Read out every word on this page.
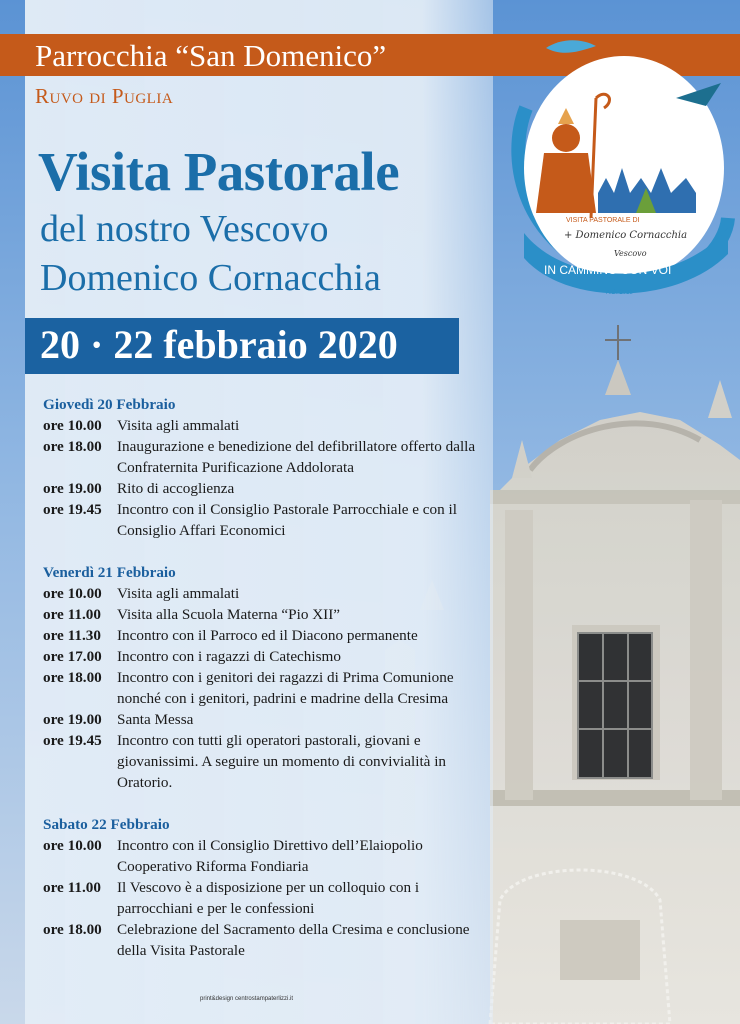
Parrocchia “San Domenico”
Ruvo di Puglia
Visita Pastorale
del nostro Vescovo
Domenico Cornacchia
20 · 22 febbraio 2020
VISITA PASTORALE DI
+ Domenico Cornacchia
Vescovo
IN CAMMINO CON VOI
A.D. 2018
Giovedì 20 Febbraio
ore 10.00	Visita agli ammalati
ore 18.00	Inaugurazione e benedizione del defibrillatore offerto dalla Confraternita Purificazione Addolorata
ore 19.00	Rito di accoglienza
ore 19.45	Incontro con il Consiglio Pastorale Parrocchiale e con il Consiglio Affari Economici
Venerdì 21 Febbraio
ore 10.00	Visita agli ammalati
ore 11.00	Visita alla Scuola Materna “Pio XII”
ore 11.30	Incontro con il Parroco ed il Diacono permanente
ore 17.00	Incontro con i ragazzi di Catechismo
ore 18.00	Incontro con i genitori dei ragazzi di Prima Comunione nonché con i genitori, padrini e madrine della Cresima
ore 19.00	Santa Messa
ore 19.45	Incontro con tutti gli operatori pastorali, giovani e giovanissimi. A seguire un momento di convivialità in Oratorio.
Sabato 22 Febbraio
ore 10.00	Incontro con il Consiglio Direttivo dell’Elaiopolio Cooperativo Riforma Fondiaria
ore 11.00	Il Vescovo è a disposizione per un colloquio con i parrocchiani e per le confessioni
ore 18.00	Celebrazione del Sacramento della Cresima e conclusione della Visita Pastorale
print&design centrostampaterlizzi.it
